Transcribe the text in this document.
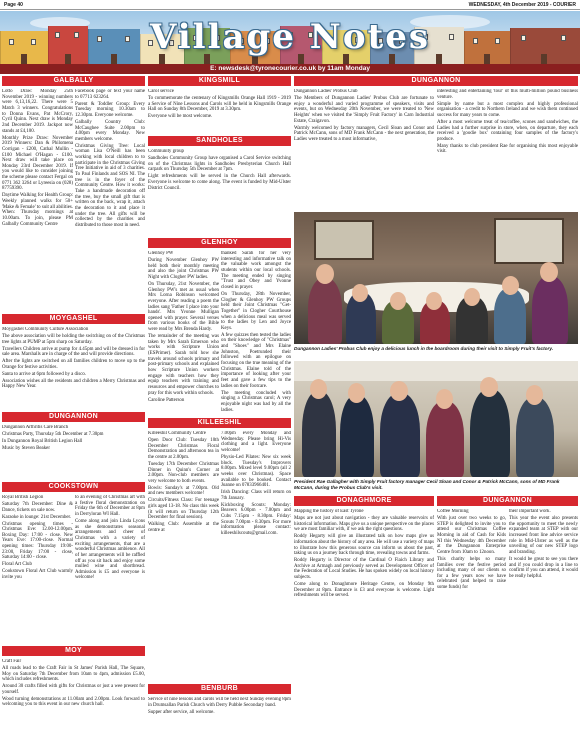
Page 40	WEDNESDAY, 4th December 2019 - COURIER
Village Notes
E: newsdesk@tyronecourier.co.uk by 11am Monday
GALBALLY

Lotto Draw: Monday 25th November 2019 - winning numbers were 6,13,16,22. There were 5 Match 3 winners. Congratulations to Donna Evans, Pat McCrory, Cyril Quinn. Next draw is Monday 2nd December 2019. Jackpot now stands at £4,100.

Monthly Prize Draw: November 2019 Winners: Dan & Philomena Corrigan - £200, Cathal Mullin - £100 Michael O'Hagan - £100. Next draw will take place on Monday 23rd December 2019. If you would like to consider joining the scheme please contact Fergal on 0771 362 3264 or Lyreesia on (028) 87759390.

Daytime Walking for Health Group: Weekly planned walks for 50+ 'Make & Female' to suit all abilities. When: Thursday mornings at 10.00am. To join, please PM Galbally Community Centre

Facebook page or text your name to 07713 623264.

Parent & Toddler Group: Every Tuesday morning 10.30am to 12.30pm. Everyone welcome.

Galbally Country Club: McCaughee Suite 2.00pm to 4.00pm every Monday. New members welcome.

Christmas Giving Tree: Local woman Lisa O'Neill has been working with local children to to participate in the Christmas Giving Tree Initiative in aid of 3 charities. To Paul Finlands and SOS NI. The tree is in the foyer of the Community Centre. How it works: Take a handmade decoration off the tree, buy the small gift that is written on the back, wrap it, attach the decoration to it and place it under the tree. All gifts will be collected by the charities and distributed to those most in need.

MOYGASHEL

Moygashel Community Culture Association

The above association will be holding the switching on of the Christmas tree lights at PUMP at 5pm sharp on Saturday.

Travellers Children arrive at pump for 4.45pm and will be dressed in for sale area. Marshalls are in charge of the and will provide directions.

After the lights are switched on all families children to move up to the Orange for festive activities.

Santa to arrive at 6pm followed by a disco.

Association wishes all the residents and children a Merry Christmas and Happy New Year.

DUNGANNON

Dungannon Arthritis Care Branch

Christmas Party, Thursday 5th December at 7.30pm

In Dungannon Royal British Legion Hall

Music by Steven Beaker

COOKSTOWN

Royal British Legion

Saturday 7th December: Dine & Dance, tickets on sale now.

Karaoke in lounge: 21st December.

Christmas opening times - Christmas Eve: 12.00-12.00pm. Boxing Day: 17:00 - close. New Years Eve: 17:00-close. Normal opening times: Thursday 19:00-23:00, Friday 17:00 - close, Saturday 14:00 - close.

Floral Art Club

Cookstown Floral Art Club warmly invite you

to an evening of Christmas art with a festive floral demonstration on Friday the 6th of December at 8pm in Derryloran WI Hall.

Come along and join Linda Lyons as she demonstrates seasonal arrangements and cheer of Christmas with a variety of exciting arrangements, that are a wonderful Christmas ambience. All of her arrangements will be raffled off as you sit back and enjoy some mulled wine and shortbread. Admission is £5 and everyone is welcome!

MOY

Craft Fair

All roads lead to the Craft Fair in St James' Parish Hall, The Square, Moy on Saturday 7th December from 10am to 4pm, admission £5.00, which includes refreshments.

Around 30 crafts filled with gifts for Christmas or just a wee present for yourself.

Wood turning demonstrations at 11.00am and 2.00pm. Look forward to welcoming you to this event in our new church hall.

KINGSMILL

Carol service

To commemorate the centenary of Kingsmills Orange Hall 1919 - 2019 a Service of Nine Lessons and Carols will be held in Kingsmills Orange Hall on Sunday 8th December, 2019 at 3.30pm.

Everyone will be most welcome.

SANDHOLES

Community group

Sandholes Community Group have organised a Carol Service switching on of the Christmas lights in Sandholes Presbyterian Church Hall carpark on Thursday 5th December at 7pm.

Light refreshments will be served in the Church Hall afterwards. Everyone is welcome to come along. The event is funded by Mid-Ulster District Council.

GLENHOY

Glenhoy PW

During November Glenhoy PW held both their monthly meeting and also the joint Christmas PW Night with Clogher PW ladies.

On Thursday, 21st November, the Glenhoy PW's met as usual when Mrs Lorna Robinson welcomed everyone. After reading a poem the ladies sang 'Father I place into your hands'. Mrs Yvonne Mulligan opened with prayer. Several verses from various books of the Bible were read by Mrs Brenda Hardy.

The remainder of the meeting was taken by Mrs Sarah Emerson who works with Scripture Union (ESPrimer). Sarah told how she travels around schools primary and post-primary schools and explained how Scripture Union workers engage with teachers how they equip teachers with training and resources and empower churches to pray for this work within schools.

Caroline Patterson

thanked Sarah for her very interesting and informative talk on the valuable work amongst the students within our local schools. The meeting ended by singing "Trust and Obey and Yvonne closed in prayer.

On Thursday, 28th November, Clogher & Glenhoy PW Groups held their Joint Christmas "Get-Together" in Clogher Courthouse when a delicious meal was served to the ladies by Len and Joyce Keys.

A few quizzes then tested the ladies on their knowledge of "Christmas" and "Shoes" and Mrs Elaine Johnston, Poetrunded their followed with an epilogue on focusing on the true meaning of the Christmas. Elaine told of the importance of looking after your feet and gave a few tips to the ladies on their footcare.

The meeting concluded with singing a Christmas carol; A very enjoyable night was had by all the ladies.

KILLEESHIL

Killeeshil Community Centre

Open Door Club: Tuesday 10th December Christmas Floral Demonstration and afternoon tea in the centre at 2.00pm.

Tuesday 17th December Christmas Dinner in Quinn's Corner at 2.00pm. Non-club members are very welcome to both events.

Bowls: Sunday's at 7.00pm. Old and new members welcome!

Circuits/Fitness Class: For teenage girls aged 13-18. No class this week (it will return on Thursday 12th December for final session).

Walking Club: Assemble at the centre at

7.00pm every Monday and Wednesday. Please bring Hi-Vis clothing and a light. Everyone welcome!

Physio-Led Pilates: New six week block. Tuesday's Improvers 8.00pm. Mixed level 9.00pm (all 2 weeks over Christmas). Space available to be booked. Contact Joanne on 07833966401.

Irish Dancing: Class will return on 7th January.

Kickboxing Scouts: Monday: Beavers 6.00pm - 7.00pm and Cubs 7.15pm - 8.30pm. Friday: Scouts 7.00pm - 8.30pm. For more information please contact: killeeshilscouts@gmail.com.

BENBURB

Service of nine lessons and carols will be held next Sunday evening 8pm in Drumsallan Parish Church with Derry Pubble Secondary band.

Supper after service, all welcome.

DUNGANNON

Dungannon Ladies' Probus Club

The Members of Dungannon Ladies' Probus Club are fortunate to enjoy a wonderful and varied programme of speakers, visits and events, but on Wednesday 20th November, we were treated to 'New Heights' when we visited the 'Simply Fruit Factory' in Carn Industrial Estate, Craigavon.

Warmly welcomed by factory managers, Cecil Sloan and Conor and Patrick McCann, sons of MD Frank McCann - the next generation, the Ladies were treated to a most informative,

interesting and entertaining 'tour' of this multi-million pound business venture.

Simple by name but a most complex and highly professional organisation - a credit to Northern Ireland and we wish them continued success for many years to come.

After a most welcome treat of tea/coffee, scones and sandwiches, the Ladies had a further surprise in store, when, on departure, they each received a 'goodie box' containing four samples of the factory's produce.

Many thanks to club president Rae for organising this most enjoyable visit.

Dungannon Ladies' Probus Club enjoy a delicious lunch in the boardroom during their visit to Simply Fruit's factory.
President Rae Gallagher with Simply Fruit factory manager Cecil Sloan and Conor & Patrick McCann, sons of MD Frank McCann, during the Probus Club's visit.
DONAGHMORE

Mapping the history of East Tyrone

Maps are not just about navigation - they are valuable reservoirs of historical information. Maps give us a unique perspective on the places we are most familiar with, if we ask the right questions.

Roddy Hegarty will give an illustrated talk on how maps give us information about the history of any area. He will use a variety of maps to illustrate how this generous source can inform us about the past, taking us on a journey back through time, revealing towns and farms.

Roddy Hegarty is Director of the Cardinal O Fiaich Library and Archive at Armagh and previously served as Development Officer of the Federation of Local Studies. He has spoken widely on local history subjects.

Come along to Donaghmore Heritage Centre, on Monday 9th December at 8pm. Entrance is £3 and everyone is welcome. Light refreshments will be served.

DUNGANNON

Coffee Morning

With just over two weeks to go, STEP is delighted to invite you to attend our Christmas Coffee Morning in aid of Cash for Kids NI this Wednesday 4th December at the Dungannon Enterprise Centre from 10am to 12noon.

This charity helps so many families over the festive period including many of our clients so for a few years now we have celebrated (and helped to raise some funds) for

their important work.

This year the event also presents the opportunity to meet the newly expanded team at STEP with our increased front line advice service role in Mid-Ulster as well as the unveiling of our new STEP logo and branding.

It would be great to see you there and if you could drop in a line to confirm if you can attend, it would be really helpful.
